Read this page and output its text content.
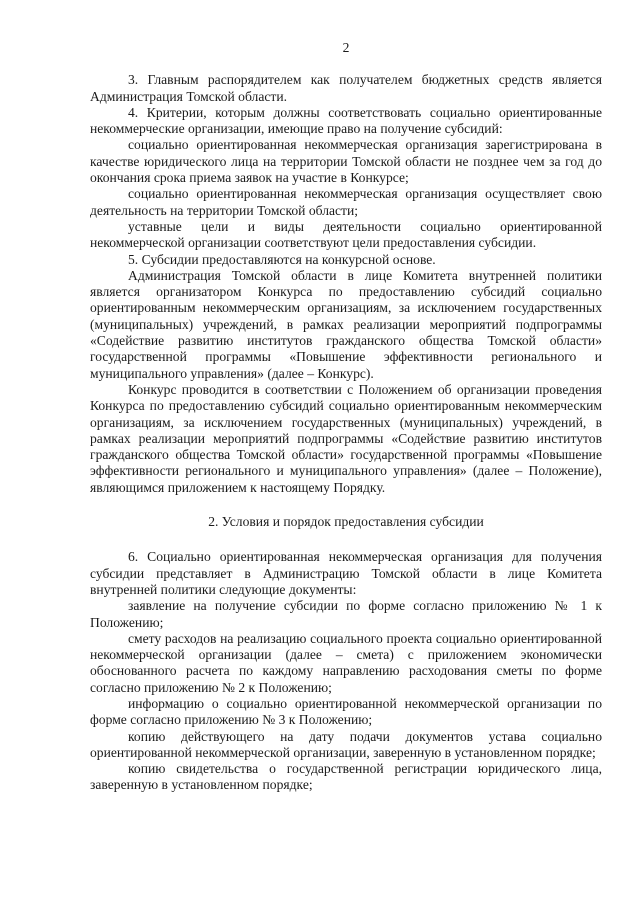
2

3. Главным распорядителем как получателем бюджетных средств является Администрация Томской области.

4. Критерии, которым должны соответствовать социально ориентированные некоммерческие организации, имеющие право на получение субсидий:

социально ориентированная некоммерческая организация зарегистрирована в качестве юридического лица на территории Томской области не позднее чем за год до окончания срока приема заявок на участие в Конкурсе;

социально ориентированная некоммерческая организация осуществляет свою деятельность на территории Томской области;

уставные цели и виды деятельности социально ориентированной некоммерческой организации соответствуют цели предоставления субсидии.

5. Субсидии предоставляются на конкурсной основе.

Администрация Томской области в лице Комитета внутренней политики является организатором Конкурса по предоставлению субсидий социально ориентированным некоммерческим организациям, за исключением государственных (муниципальных) учреждений, в рамках реализации мероприятий подпрограммы «Содействие развитию институтов гражданского общества Томской области» государственной программы «Повышение эффективности регионального и муниципального управления» (далее – Конкурс).

Конкурс проводится в соответствии с Положением об организации проведения Конкурса по предоставлению субсидий социально ориентированным некоммерческим организациям, за исключением государственных (муниципальных) учреждений, в рамках реализации мероприятий подпрограммы «Содействие развитию институтов гражданского общества Томской области» государственной программы «Повышение эффективности регионального и муниципального управления» (далее – Положение), являющимся приложением к настоящему Порядку.

2. Условия и порядок предоставления субсидии

6. Социально ориентированная некоммерческая организация для получения субсидии представляет в Администрацию Томской области в лице Комитета внутренней политики следующие документы:

заявление на получение субсидии по форме согласно приложению № 1 к Положению;

смету расходов на реализацию социального проекта социально ориентированной некоммерческой организации (далее – смета) с приложением экономически обоснованного расчета по каждому направлению расходования сметы по форме согласно приложению № 2 к Положению;

информацию о социально ориентированной некоммерческой организации по форме согласно приложению № 3 к Положению;

копию действующего на дату подачи документов устава социально ориентированной некоммерческой организации, заверенную в установленном порядке;

копию свидетельства о государственной регистрации юридического лица, заверенную в установленном порядке;
